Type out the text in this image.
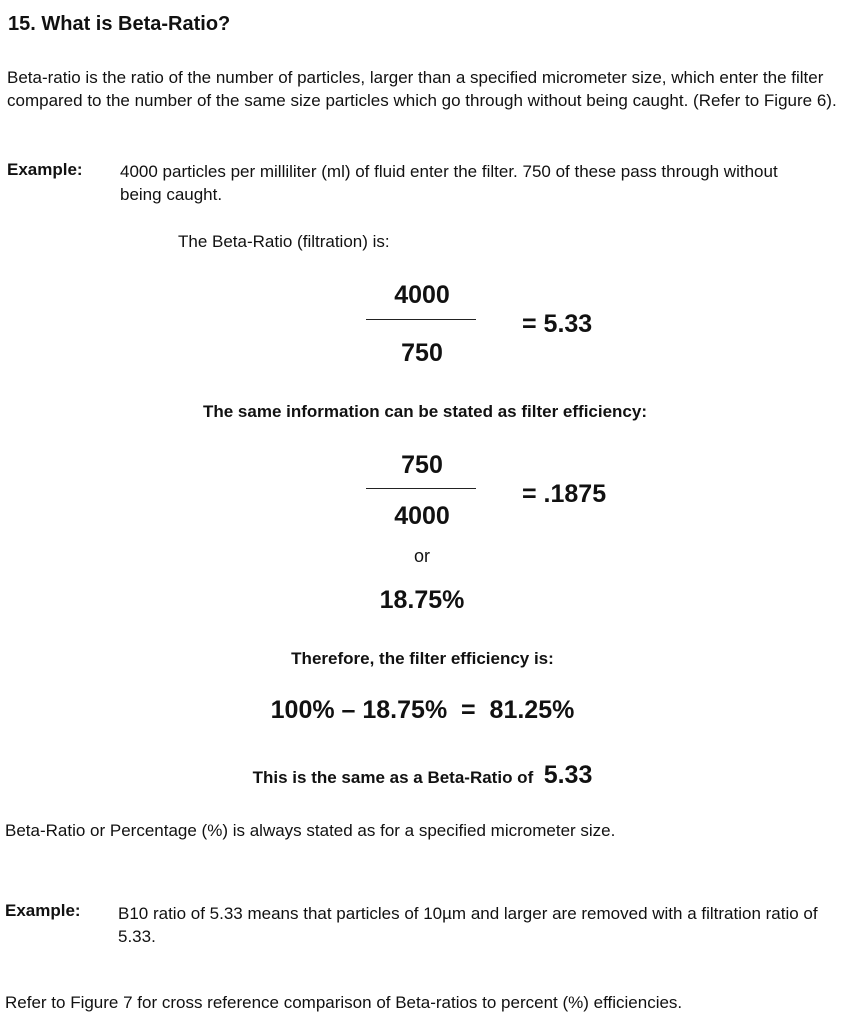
15. What is Beta-Ratio?
Beta-ratio is the ratio of the number of particles, larger than a specified micrometer size, which enter the filter compared to the number of the same size particles which go through without being caught. (Refer to Figure 6).
Example: 4000 particles per milliliter (ml) of fluid enter the filter. 750 of these pass through without being caught.
The Beta-Ratio (filtration) is:
4000
750
= 5.33
The same information can be stated as filter efficiency:
750
4000
= .1875
or
18.75%
Therefore, the filter efficiency is:
100% – 18.75%  =  81.25%
This is the same as a Beta-Ratio of 5.33
Beta-Ratio or Percentage (%) is always stated as for a specified micrometer size.
Example: B10 ratio of 5.33 means that particles of 10µm and larger are removed with a filtration ratio of 5.33.
Refer to Figure 7 for cross reference comparison of Beta-ratios to percent (%) efficiencies.
